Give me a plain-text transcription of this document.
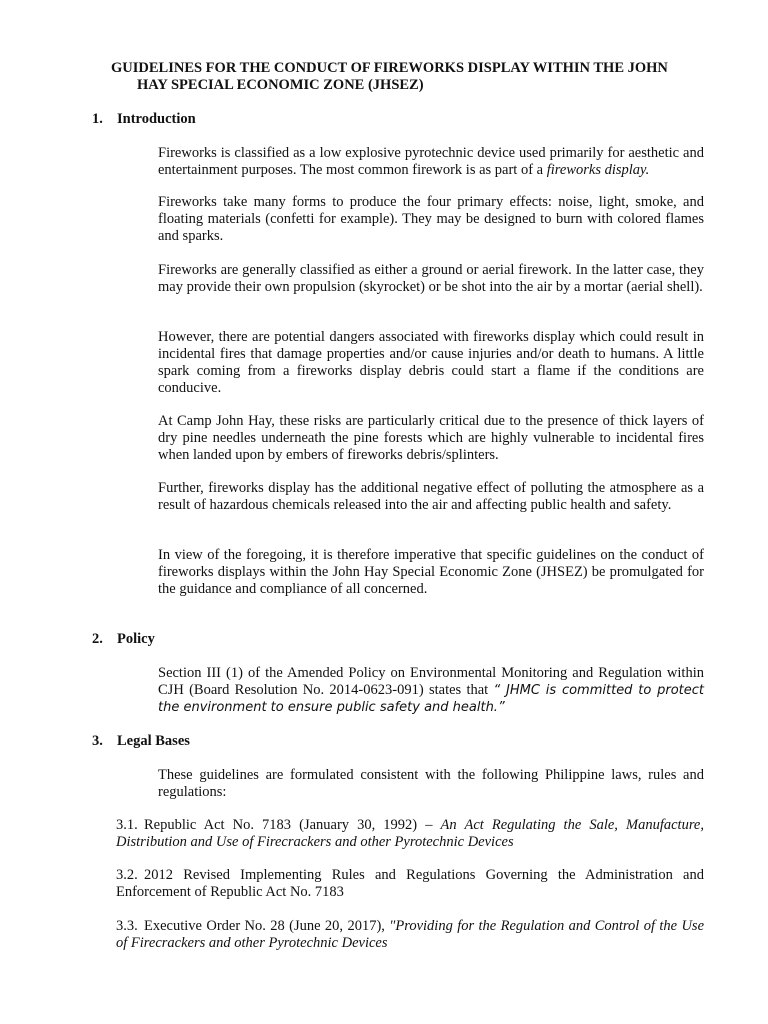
GUIDELINES FOR THE CONDUCT OF FIREWORKS DISPLAY WITHIN THE JOHN
HAY SPECIAL ECONOMIC ZONE (JHSEZ)
1. Introduction

Fireworks is classified as a low explosive pyrotechnic device used primarily for aesthetic and entertainment purposes. The most common firework is as part of a fireworks display.

Fireworks take many forms to produce the four primary effects: noise, light, smoke, and floating materials (confetti for example). They may be designed to burn with colored flames and sparks.

Fireworks are generally classified as either a ground or aerial firework. In the latter case, they may provide their own propulsion (skyrocket) or be shot into the air by a mortar (aerial shell).

However, there are potential dangers associated with fireworks display which could result in incidental fires that damage properties and/or cause injuries and/or death to humans. A little spark coming from a fireworks display debris could start a flame if the conditions are conducive.

At Camp John Hay, these risks are particularly critical due to the presence of thick layers of dry pine needles underneath the pine forests which are highly vulnerable to incidental fires when landed upon by embers of fireworks debris/splinters.

Further, fireworks display has the additional negative effect of polluting the atmosphere as a result of hazardous chemicals released into the air and affecting public health and safety.

In view of the foregoing, it is therefore imperative that specific guidelines on the conduct of fireworks displays within the John Hay Special Economic Zone (JHSEZ) be promulgated for the guidance and compliance of all concerned.

2. Policy

Section III (1) of the Amended Policy on Environmental Monitoring and Regulation within CJH (Board Resolution No. 2014-0623-091) states that “ JHMC is committed to protect the environment to ensure public safety and health.”

3. Legal Bases

These guidelines are formulated consistent with the following Philippine laws, rules and regulations:

3.1. Republic Act No. 7183 (January 30, 1992) – An Act Regulating the Sale, Manufacture, Distribution and Use of Firecrackers and other Pyrotechnic Devices
3.2. 2012 Revised Implementing Rules and Regulations Governing the Administration and Enforcement of Republic Act No. 7183
3.3. Executive Order No. 28 (June 20, 2017), "Providing for the Regulation and Control of the Use of Firecrackers and other Pyrotechnic Devices
